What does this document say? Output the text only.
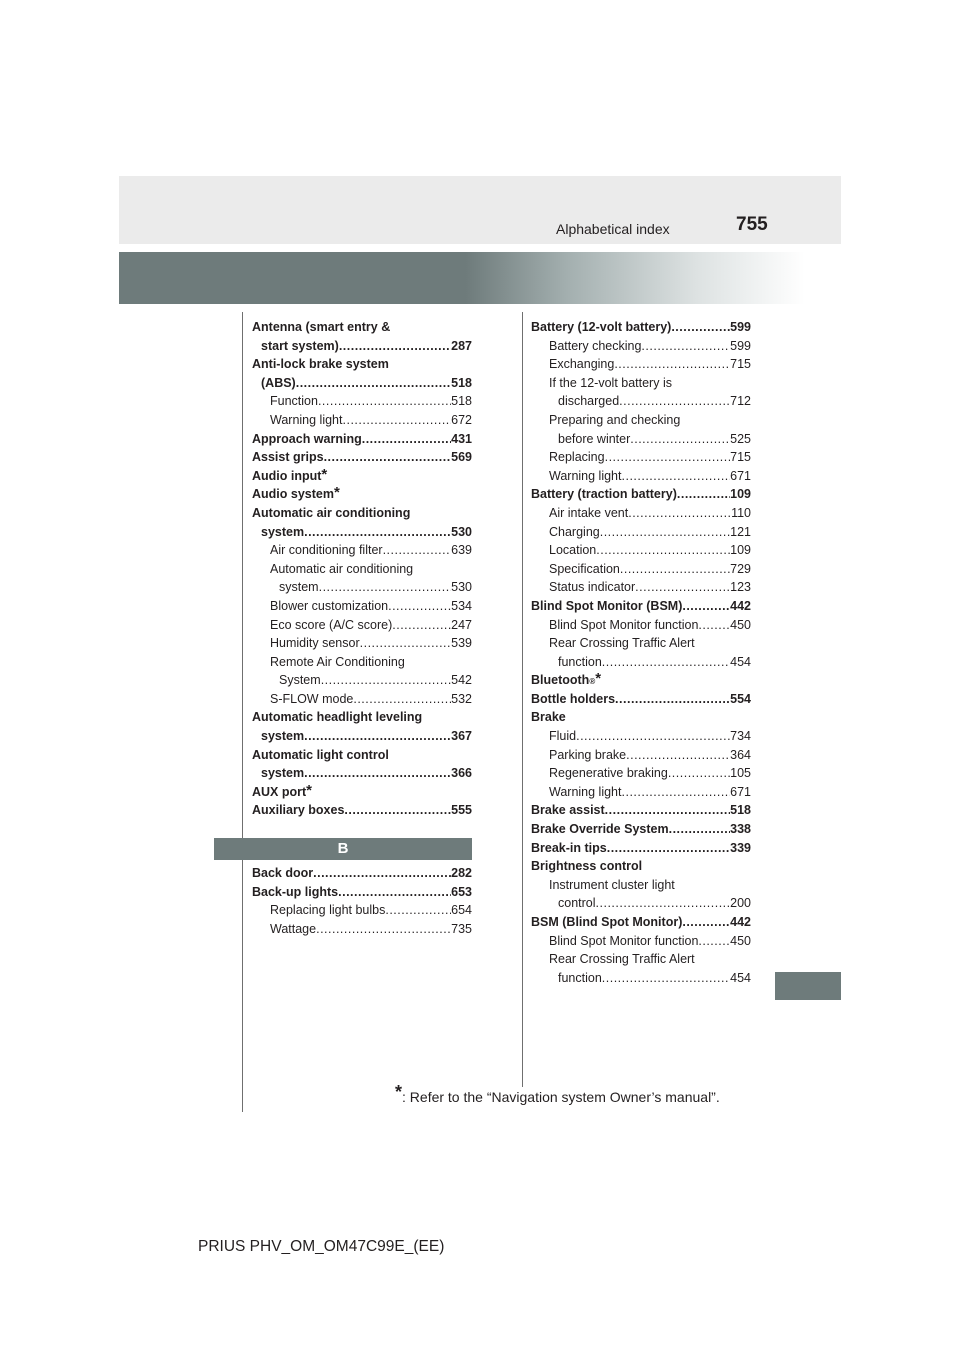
Alphabetical index	755
Antenna (smart entry &
start system) .....	287
Anti-lock brake system
(ABS) .....	518
Function .....	518
Warning light .....	672
Approach warning .....	431
Assist grips .....	569
Audio input*
Audio system*
Automatic air conditioning
system .....	530
Air conditioning filter .....	639
Automatic air conditioning
system .....	530
Blower customization .....	534
Eco score (A/C score) .....	247
Humidity sensor .....	539
Remote Air Conditioning
System .....	542
S-FLOW mode .....	532
Automatic headlight leveling
system .....	367
Automatic light control
system .....	366
AUX port*
Auxiliary boxes .....	555
B
Back door .....	282
Back-up lights .....	653
Replacing light bulbs .....	654
Wattage .....	735
Battery (12-volt battery) .....	599
Battery checking .....	599
Exchanging .....	715
If the 12-volt battery is
discharged .....	712
Preparing and checking
before winter .....	525
Replacing .....	715
Warning light .....	671
Battery (traction battery) .....	109
Air intake vent .....	110
Charging .....	121
Location .....	109
Specification .....	729
Status indicator .....	123
Blind Spot Monitor (BSM) .....	442
Blind Spot Monitor function .....	450
Rear Crossing Traffic Alert
function .....	454
Bluetooth ®*
Bottle holders .....	554
Brake
Fluid .....	734
Parking brake .....	364
Regenerative braking .....	105
Warning light .....	671
Brake assist .....	518
Brake Override System .....	338
Break-in tips .....	339
Brightness control
Instrument cluster light
control .....	200
BSM (Blind Spot Monitor) .....	442
Blind Spot Monitor function .....	450
Rear Crossing Traffic Alert
function .....	454
*: Refer to the “Navigation system Owner’s manual”.
PRIUS PHV_OM_OM47C99E_(EE)
